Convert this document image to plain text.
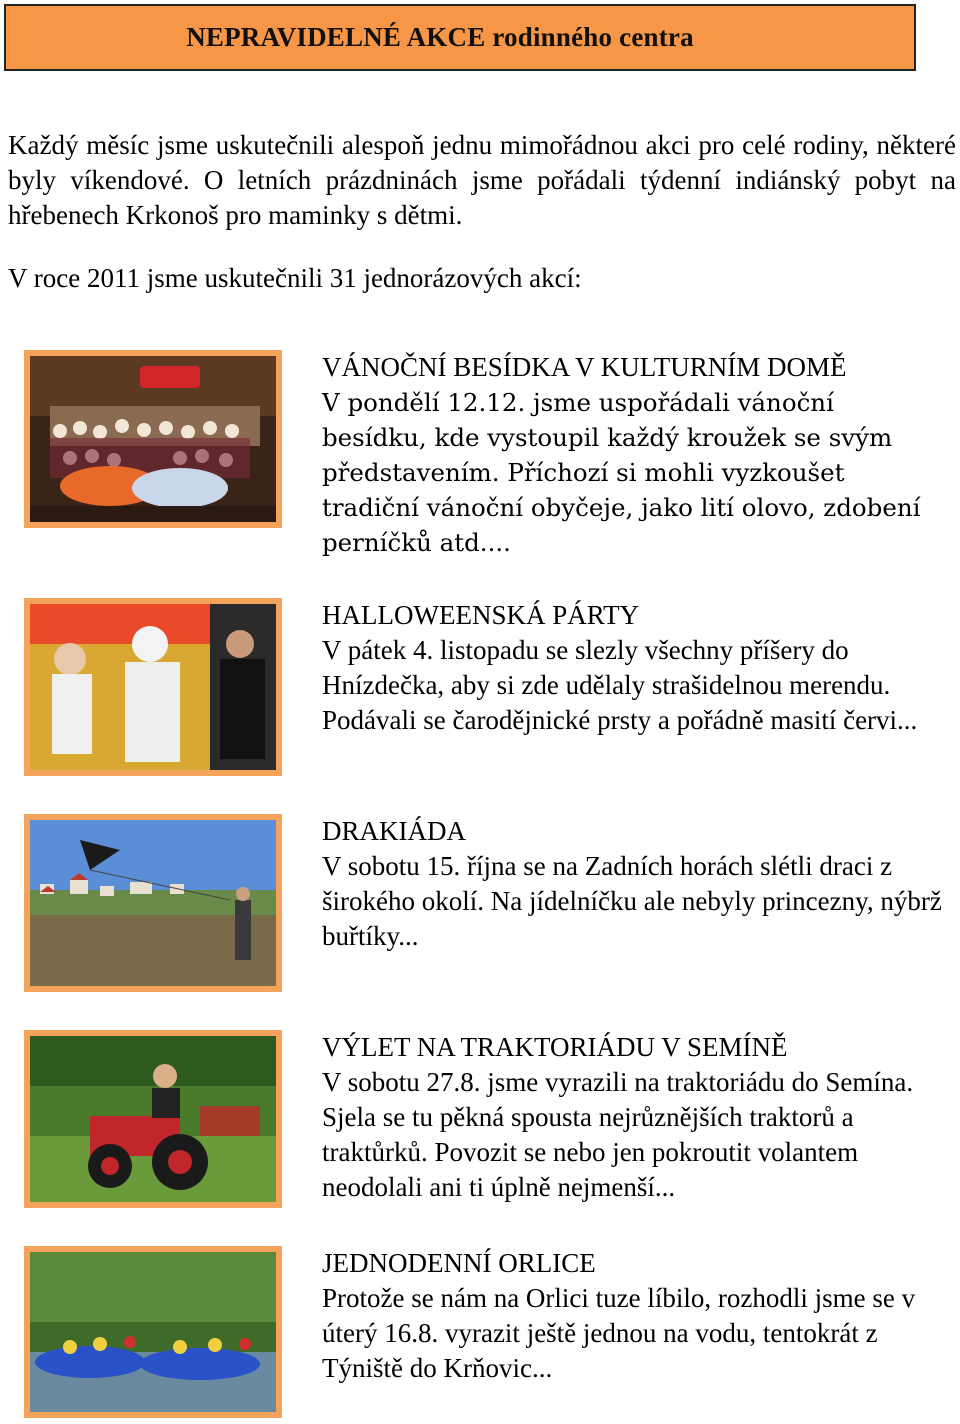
NEPRAVIDELNÉ AKCE rodinného centra
Každý měsíc jsme uskutečnili alespoň jednu mimořádnou akci pro celé rodiny, některé byly víkendové. O letních prázdninách jsme pořádali týdenní indiánský pobyt na hřebenech Krkonoš pro maminky s dětmi.
V roce 2011 jsme uskutečnili 31 jednorázových akcí:
VÁNOČNÍ BESÍDKA V KULTURNÍM DOMĚ
V pondělí 12.12. jsme uspořádali vánoční besídku, kde vystoupil každý kroužek se svým představením. Příchozí si mohli vyzkoušet tradiční vánoční obyčeje, jako lití olovo, zdobení perníčků atd....
HALLOWEENSKÁ PÁRTY
V pátek 4. listopadu se slezly všechny příšery do Hnízdečka, aby si zde udělaly strašidelnou merendu. Podávali se čarodějnické prsty a pořádně masití červi...
DRAKIÁDA
V sobotu 15. října se na Zadních horách slétli draci z širokého okolí. Na jídelníčku ale nebyly princezny, nýbrž buřtíky...
VÝLET NA TRAKTORIÁDU V SEMÍNĚ
V sobotu 27.8. jsme vyrazili na traktoriádu do Semína. Sjela se tu pěkná spousta nejrůznějších traktorů a traktůrků. Povozit se nebo jen pokroutit volantem neodolali ani ti úplně nejmenší...
JEDNODENNÍ ORLICE
Protože se nám na Orlici tuze líbilo, rozhodli jsme se v úterý 16.8. vyrazit ještě jednou na vodu, tentokrát z Týniště do Krňovic...
